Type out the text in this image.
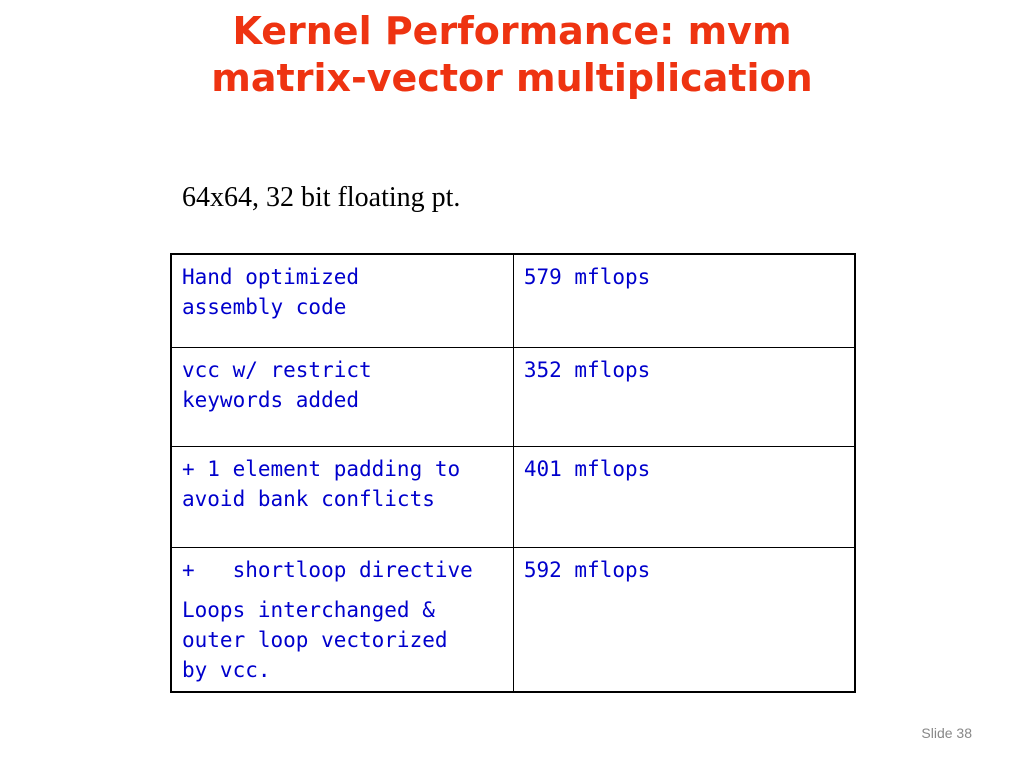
Kernel Performance: mvm
matrix-vector multiplication

64x64, 32 bit floating pt.

Hand optimized
assembly code	579 mflops

vcc w/ restrict
keywords added	352 mflops

+ 1 element padding to
avoid bank conflicts	401 mflops

+   shortloop directive
Loops interchanged &
outer loop vectorized
by vcc.	592 mflops
Slide 38
